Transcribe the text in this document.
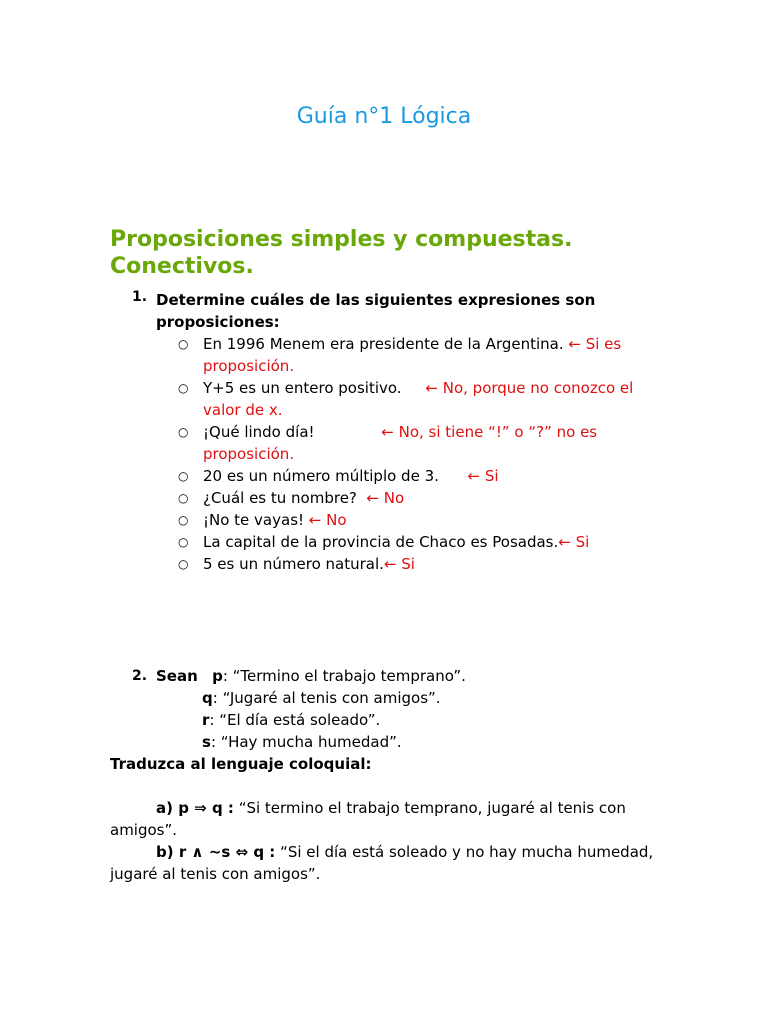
Guía n°1 Lógica
Proposiciones simples y compuestas. Conectivos.
1. Determine cuáles de las siguientes expresiones son proposiciones:
○ En 1996 Menem era presidente de la Argentina. ← Si es proposición.
○ Y+5 es un entero positivo.     ← No, porque no conozco el valor de x.
○ ¡Qué lindo día!              ← No, si tiene “!” o “?” no es proposición.
○ 20 es un número múltiplo de 3.      ← Si
○ ¿Cuál es tu nombre?  ← No
○ ¡No te vayas! ← No
○ La capital de la provincia de Chaco es Posadas.← Si
○ 5 es un número natural.← Si
2. Sean p: “Termino el trabajo temprano”.
q: “Jugaré al tenis con amigos”.
r: “El día está soleado”.
s: “Hay mucha humedad”.
Traduzca al lenguaje coloquial:
a) p ⇒ q : “Si termino el trabajo temprano, jugaré al tenis con amigos”.
b) r ∧ ~s ⇔ q : “Si el día está soleado y no hay mucha humedad, jugaré al tenis con amigos”.
